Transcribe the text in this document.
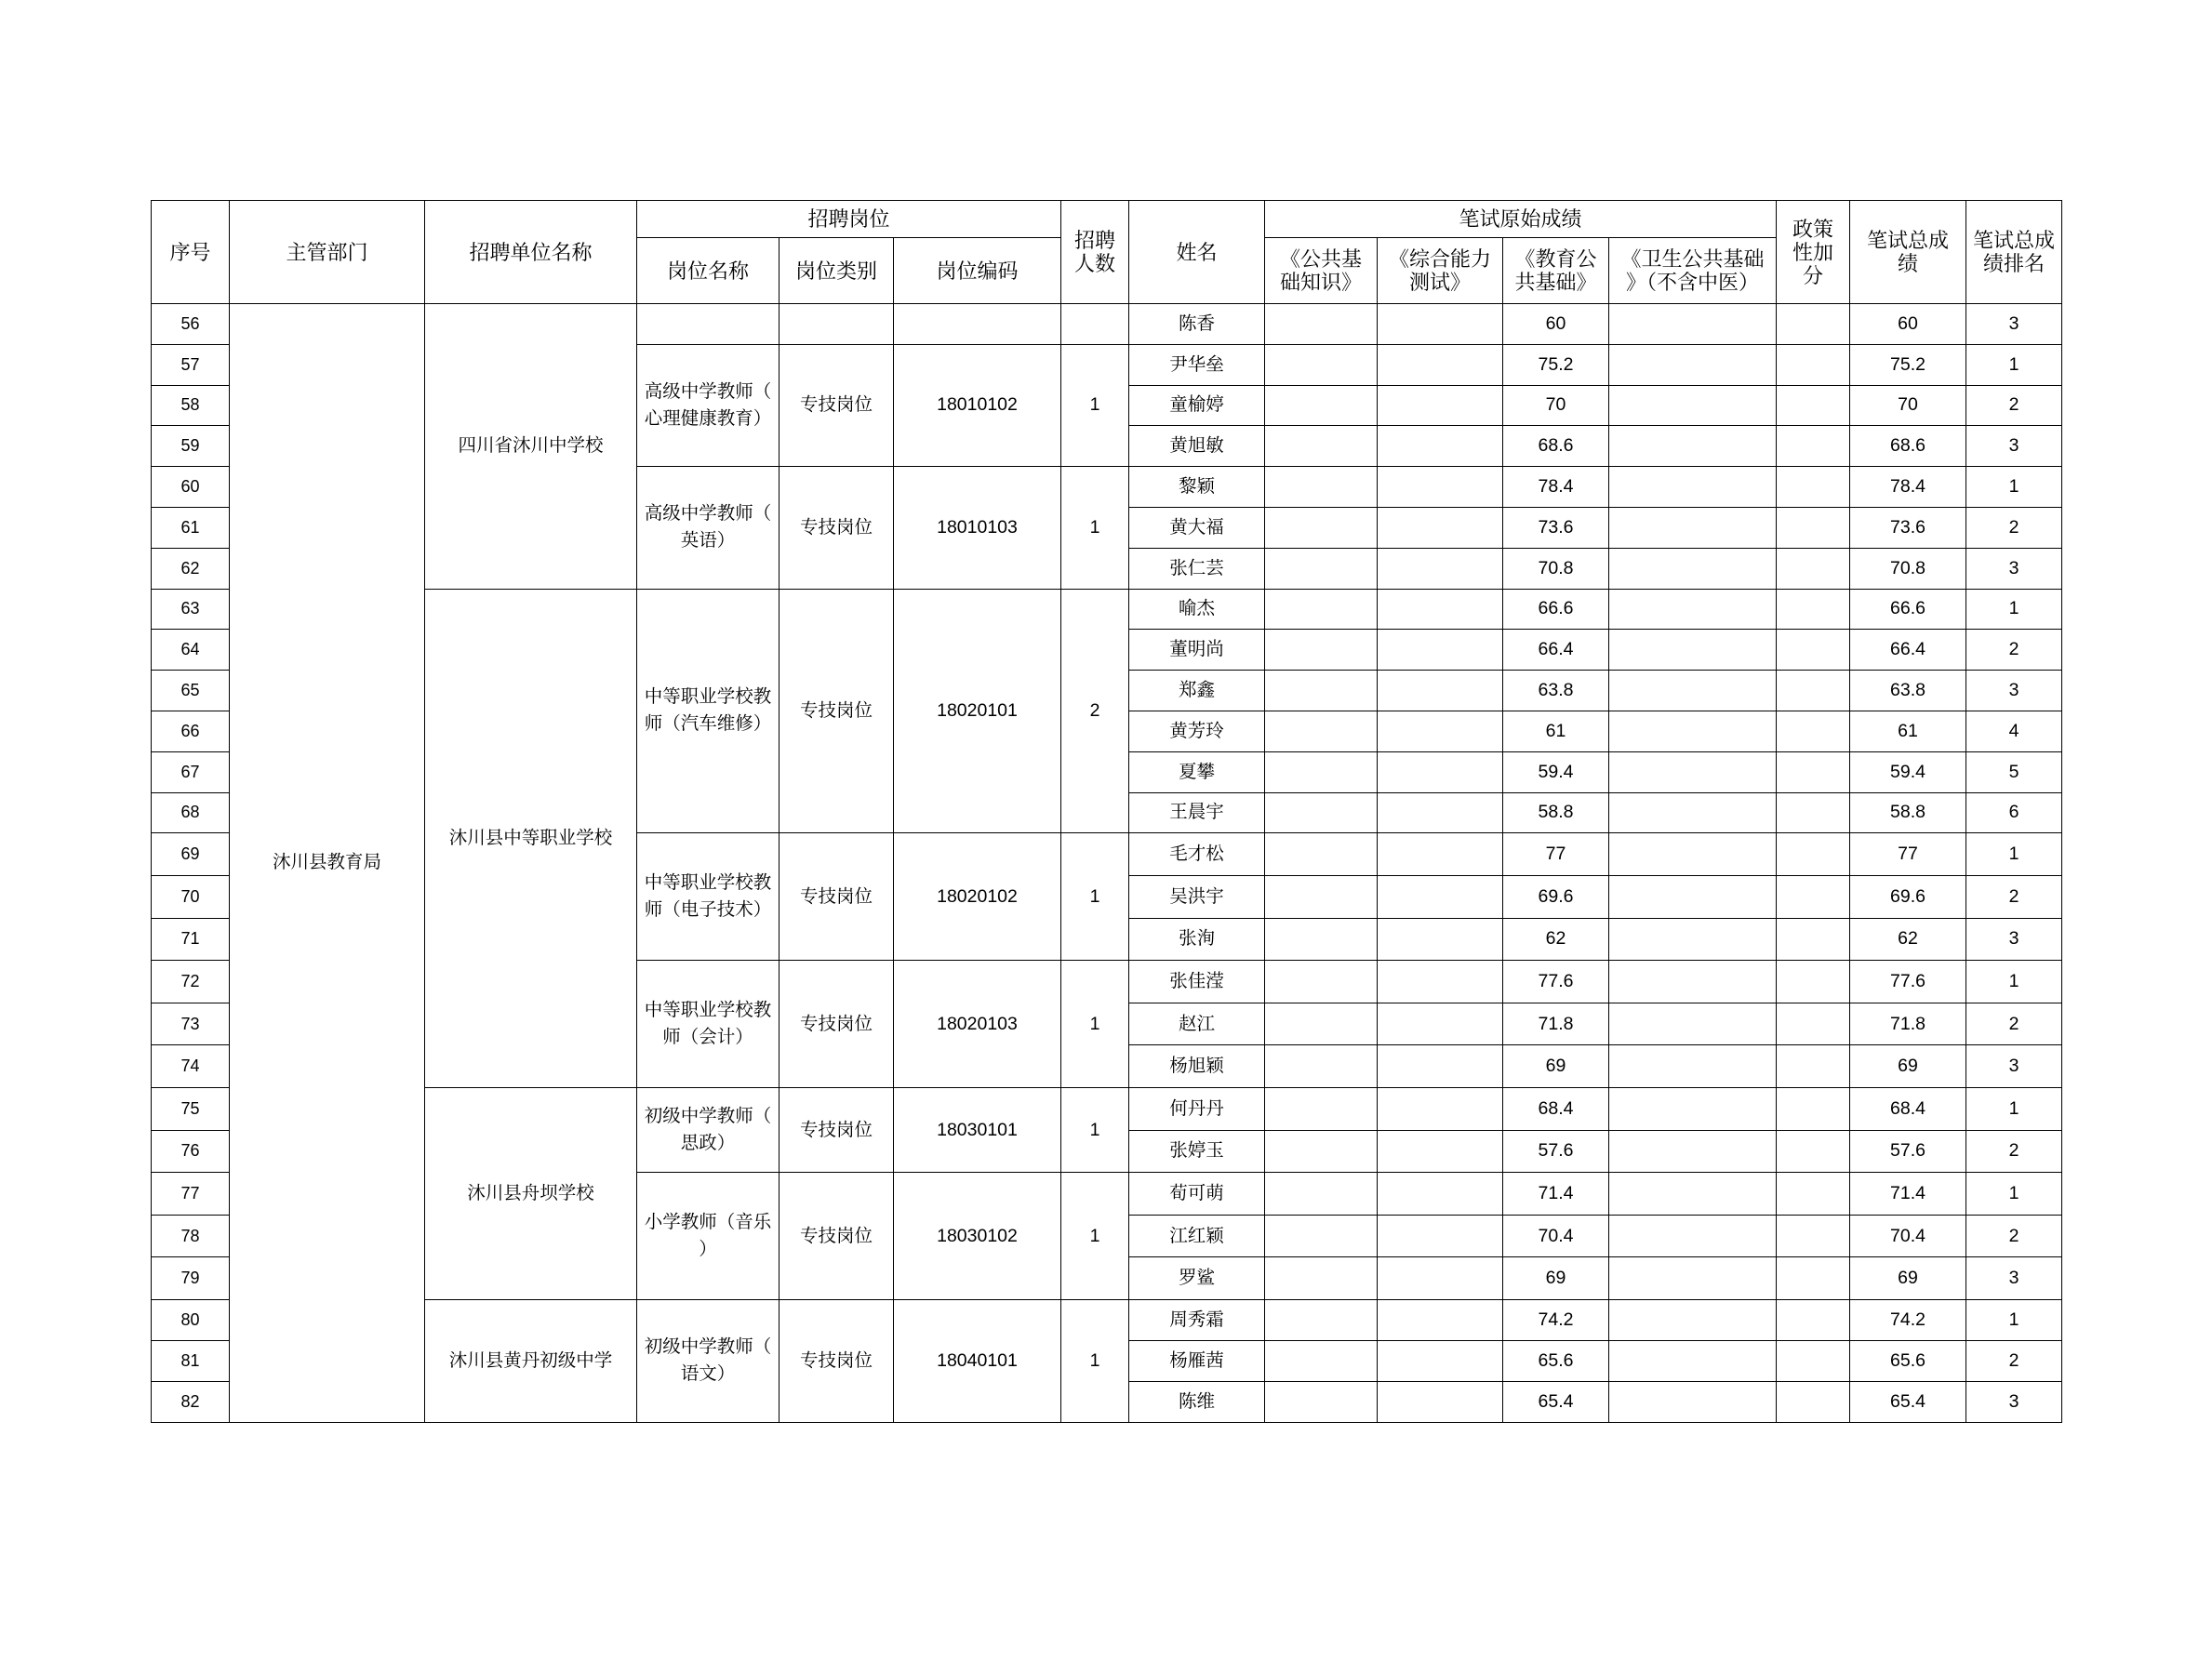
序号	主管部门	招聘单位名称	招聘岗位			招聘人数	姓名	笔试原始成绩				政策性加分	笔试总成绩	笔试总成绩排名

			岗位名称	岗位类别	岗位编码			《公共基础知识》	《综合能力测试》	《教育公共基础》	《卫生公共基础》（不含中医）			

56	沐川县教育局	四川省沐川中学校					陈香			60			60	3
57			高级中学教师（心理健康教育）	专技岗位	18010102	1	尹华垒			75.2			75.2	1
58							童榆婷			70			70	2
59							黄旭敏			68.6			68.6	3
60			高级中学教师（英语）	专技岗位	18010103	1	黎颖			78.4			78.4	1
61							黄大福			73.6			73.6	2
62							张仁芸			70.8			70.8	3
63		沐川县中等职业学校	中等职业学校教师（汽车维修）	专技岗位	18020101	2	喻杰			66.6			66.6	1
64							董明尚			66.4			66.4	2
65							郑鑫			63.8			63.8	3
66							黄芳玲			61			61	4
67							夏攀			59.4			59.4	5
68							王晨宇			58.8			58.8	6
69			中等职业学校教师（电子技术）	专技岗位	18020102	1	毛才松			77			77	1
70							吴洪宇			69.6			69.6	2
71							张洵			62			62	3
72			中等职业学校教师（会计）	专技岗位	18020103	1	张佳滢			77.6			77.6	1
73							赵江			71.8			71.8	2
74							杨旭颖			69			69	3
75		沐川县舟坝学校	初级中学教师（思政）	专技岗位	18030101	1	何丹丹			68.4			68.4	1
76							张婷玉			57.6			57.6	2
77			小学教师（音乐）	专技岗位	18030102	1	荀可萌			71.4			71.4	1
78							江红颖			70.4			70.4	2
79							罗鲨			69			69	3
80		沐川县黄丹初级中学	初级中学教师（语文）	专技岗位	18040101	1	周秀霜			74.2			74.2	1
81							杨雁茜			65.6			65.6	2
82							陈维			65.4			65.4	3
